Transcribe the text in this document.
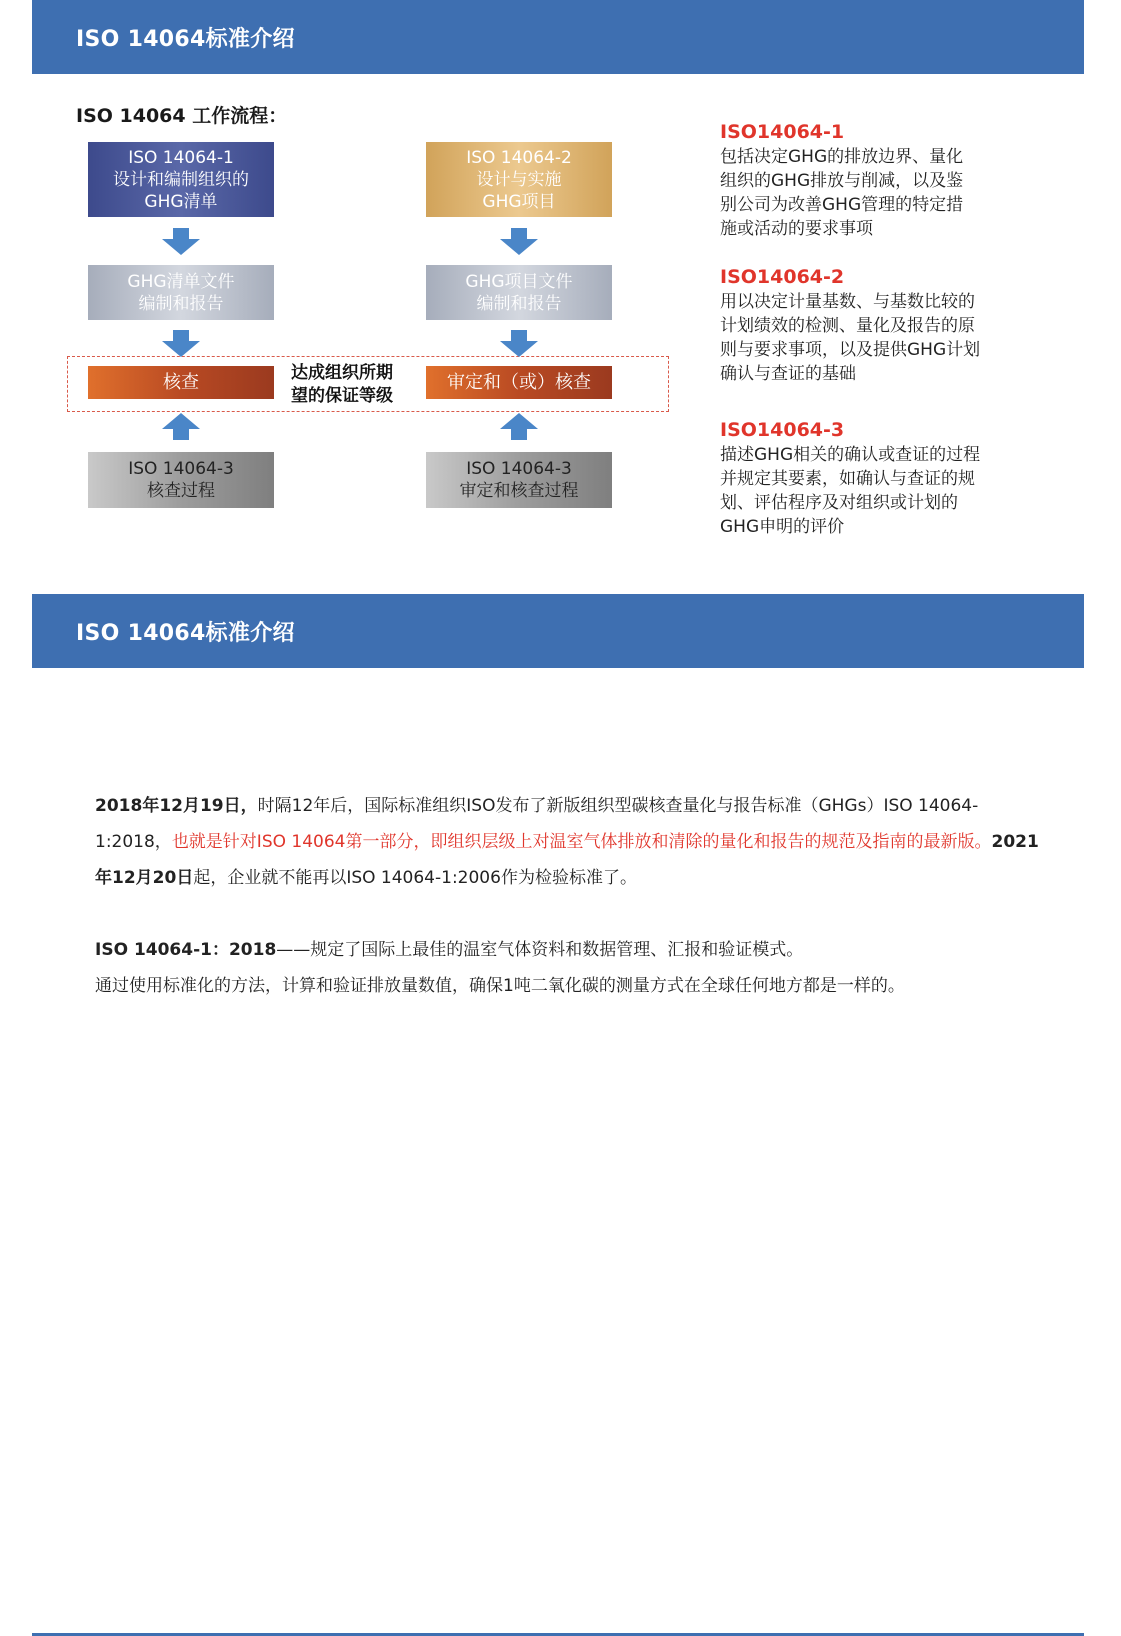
ISO 14064标准介绍
ISO 14064 工作流程：
ISO 14064-1
设计和编制组织的
GHG清单
GHG清单文件
编制和报告
核查	达成组织所期
望的保证等级
审定和（或）核查
ISO 14064-3
核查过程
ISO 14064-2
设计与实施
GHG项目
GHG项目文件
编制和报告
ISO 14064-3
审定和核查过程
ISO14064-1
包括决定GHG的排放边界、量化
组织的GHG排放与削减，以及鉴
别公司为改善GHG管理的特定措
施或活动的要求事项
ISO14064-2
用以决定计量基数、与基数比较的
计划绩效的检测、量化及报告的原
则与要求事项，以及提供GHG计划
确认与查证的基础
ISO14064-3
描述GHG相关的确认或查证的过程
并规定其要素，如确认与查证的规
划、评估程序及对组织或计划的
GHG申明的评价
ISO 14064标准介绍
2018年12月19日，时隔12年后，国际标准组织ISO发布了新版组织型碳核查量化与报告标准（GHGs）ISO 14064-1:2018，也就是针对ISO 14064第一部分，即组织层级上对温室气体排放和清除的量化和报告的规范及指南的最新版。2021年12月20日起，企业就不能再以ISO 14064-1:2006作为检验标准了。
ISO 14064-1：2018——规定了国际上最佳的温室气体资料和数据管理、汇报和验证模式。
通过使用标准化的方法，计算和验证排放量数值，确保1吨二氧化碳的测量方式在全球任何地方都是一样的。
